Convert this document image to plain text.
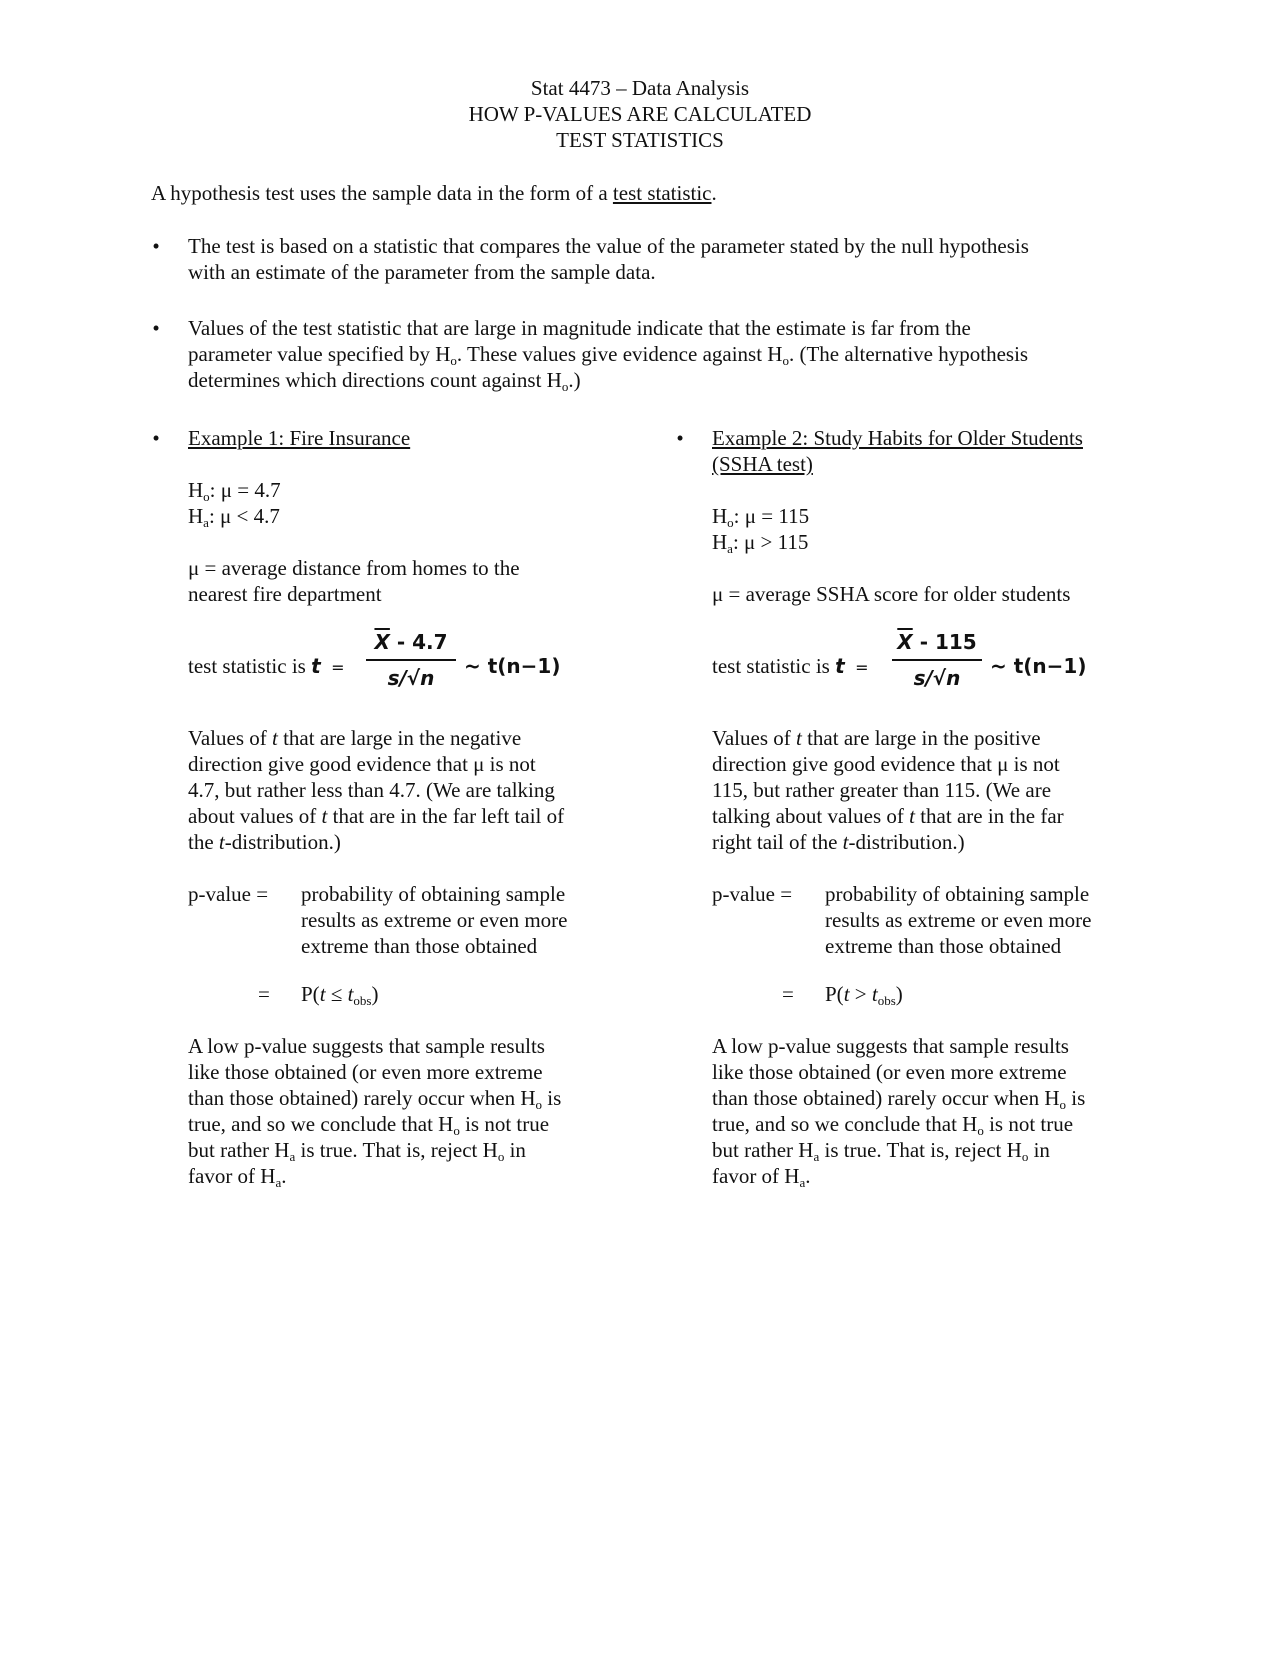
Stat 4473 – Data Analysis
HOW P-VALUES ARE CALCULATED
TEST STATISTICS
A hypothesis test uses the sample data in the form of a test statistic.
• The test is based on a statistic that compares the value of the parameter stated by the null hypothesis
with an estimate of the parameter from the sample data.
• Values of the test statistic that are large in magnitude indicate that the estimate is far from the
parameter value specified by $H_o$. These values give evidence against $H_o$. (The alternative hypothesis
determines which directions count against $H_o$.)
• Example 1: Fire Insurance
$H_o$: μ = 4.7
$H_a$: μ < 4.7
μ = average distance from homes to the
nearest fire department
test statistic is t =
$\overline{X} - 4.7$
s/√n	~ t(n−1)
Values of t that are large in the negative
direction give good evidence that μ is not
4.7, but rather less than 4.7. (We are talking
about values of t that are in the far left tail of
the t-distribution.)
p-value = probability of obtaining sample
results as extreme or even more
extreme than those obtained
= $P(t \le t_{obs})$
A low p-value suggests that sample results
like those obtained (or even more extreme
than those obtained) rarely occur when $H_o$ is
true, and so we conclude that $H_o$ is not true
but rather $H_a$ is true. That is, reject $H_o$ in
favor of $H_a$.
• Example 2: Study Habits for Older Students
(SSHA test)
$H_o$: μ = 115
$H_a$: μ > 115
μ = average SSHA score for older students
test statistic is t =
$\overline{X} - 115$
s/√n	~ t(n−1)
Values of t that are large in the positive
direction give good evidence that μ is not
115, but rather greater than 115. (We are
talking about values of t that are in the far
right tail of the t-distribution.)
p-value = probability of obtaining sample
results as extreme or even more
extreme than those obtained
= $P(t > t_{obs})$
A low p-value suggests that sample results
like those obtained (or even more extreme
than those obtained) rarely occur when $H_o$ is
true, and so we conclude that $H_o$ is not true
but rather $H_a$ is true. That is, reject $H_o$ in
favor of $H_a$.
